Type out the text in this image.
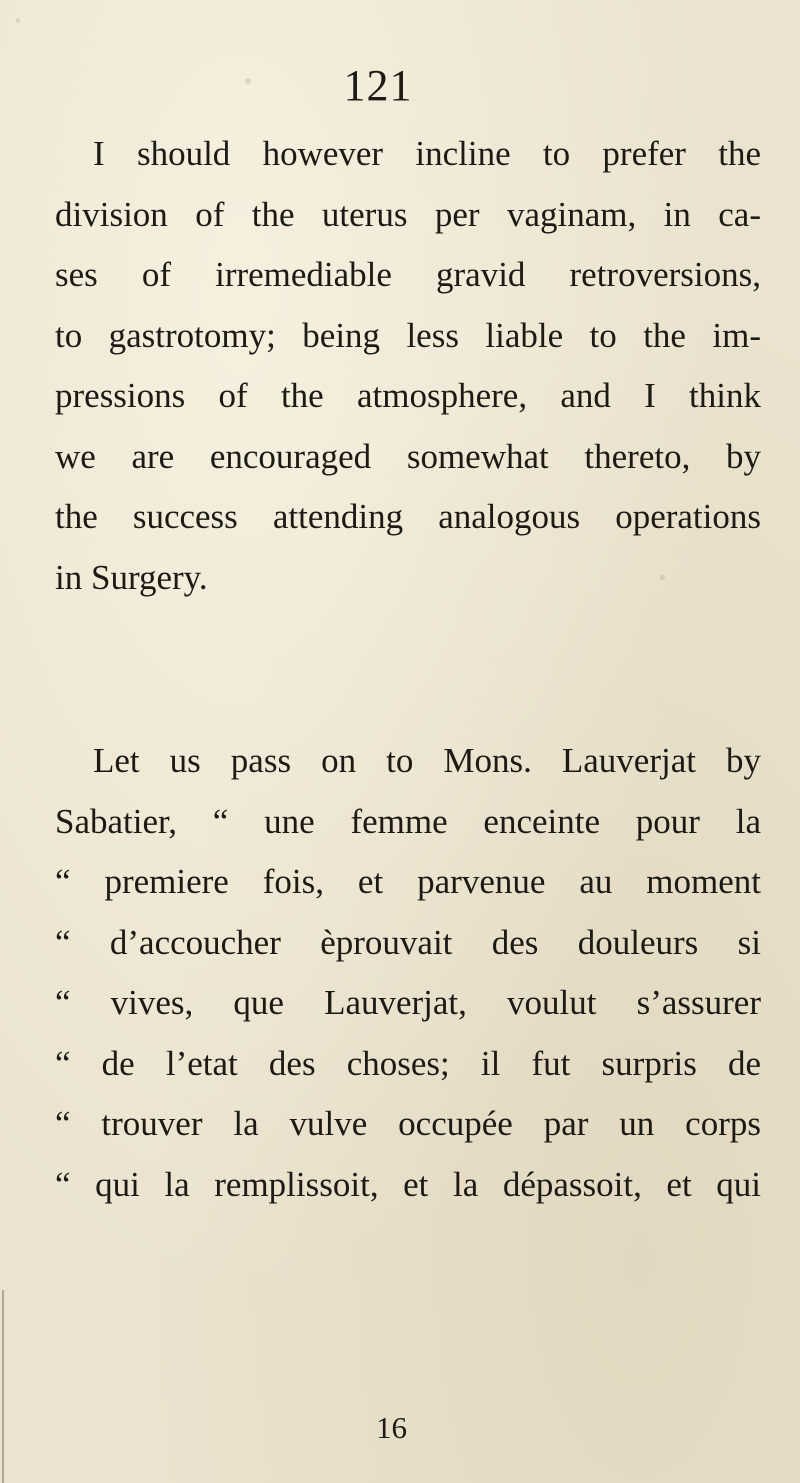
121
I should however incline to prefer the
division of the uterus per vaginam, in ca-
ses of irremediable gravid retroversions,
to gastrotomy; being less liable to the im-
pressions of the atmosphere, and I think
we are encouraged somewhat thereto, by
the success attending analogous operations
in Surgery.
Let us pass on to Mons. Lauverjat by
Sabatier, “ une femme enceinte pour la
“ premiere fois, et parvenue au moment
“ d’accoucher èprouvait des douleurs si
“ vives, que Lauverjat, voulut s’assurer
“ de l’etat des choses; il fut surpris de
“ trouver la vulve occupée par un corps
“ qui la remplissoit, et la dépassoit, et qui
16
